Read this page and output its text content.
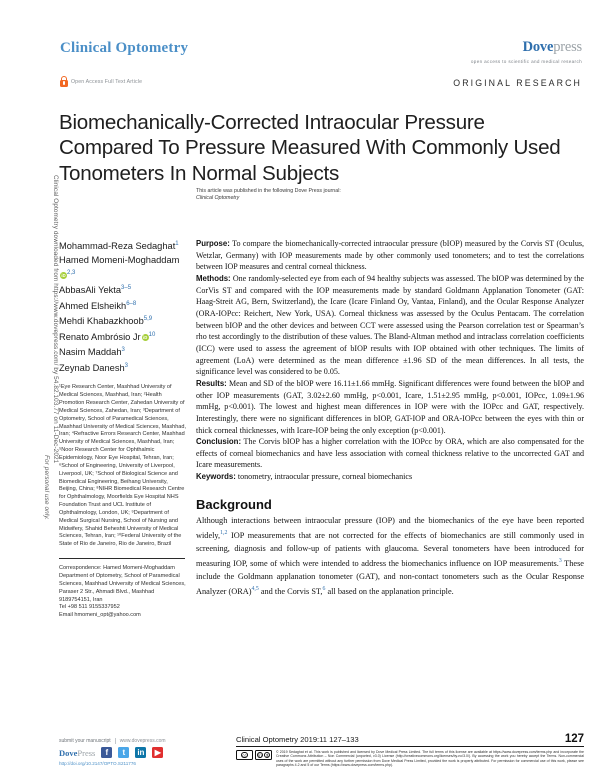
Clinical Optometry downloaded from https://www.dovepress.com/ by 54.82.103.77 on 11-Dec-2021
For personal use only.
Clinical Optometry	Dovepress
open access to scientific and medical research
Open Access Full Text Article	ORIGINAL RESEARCH
Biomechanically-Corrected Intraocular Pressure Compared To Pressure Measured With Commonly Used Tonometers In Normal Subjects
This article was published in the following Dove Press journal:
Clinical Optometry
Mohammad-Reza Sedaghat$^1$
Hamed Momeni-MoghaddamiD$^{2,3}$
AbbasAli Yekta$^{3-5}$
Ahmed Elsheikh$^{6-8}$
Mehdi Khabazkhoob$^{5,9}$
Renato Ambrósio Jr iD $^{10}$
Nasim Maddah$^3$
Zeynab Danesh$^3$
¹Eye Research Center, Mashhad University of Medical Sciences, Mashhad, Iran; ²Health Promotion Research Center, Zahedan University of Medical Sciences, Zahedan, Iran; ³Department of Optometry, School of Paramedical Sciences, Mashhad University of Medical Sciences, Mashhad, Iran; ⁴Refractive Errors Research Center, Mashhad University of Medical Sciences, Mashhad, Iran; ⁵Noor Research Center for Ophthalmic Epidemiology, Noor Eye Hospital, Tehran, Iran; ⁶School of Engineering, University of Liverpool, Liverpool, UK; ⁷School of Biological Science and Biomedical Engineering, Beihang University, Beijing, China; ⁸NIHR Biomedical Research Centre for Ophthalmology, Moorfields Eye Hospital NHS Foundation Trust and UCL Institute of Ophthalmology, London, UK; ⁹Department of Medical Surgical Nursing, School of Nursing and Midwifery, Shahid Beheshti University of Medical Sciences, Tehran, Iran; ¹⁰Federal University of the State of Rio de Janeiro, Rio de Janeiro, Brazil
Correspondence: Hamed Momeni-Moghaddam
Department of Optometry, School of Paramedical Sciences, Mashhad University of Medical Sciences, Paraser 2 Str., Ahmadi Blvd., Mashhad 9189754151, Iran
Tel +98 511 9155337952
Email hmomeni_opt@yahoo.com

Purpose: To compare the biomechanically-corrected intraocular pressure (bIOP) measured by the Corvis ST (Oculus, Wetzlar, Germany) with IOP measurements made by other commonly used tonometers; and to test the correlations between IOP measures and central corneal thickness.

Methods: One randomly-selected eye from each of 94 healthy subjects was assessed. The bIOP was determined by the CorVis ST and compared with the IOP measurements made by standard Goldmann Applanation Tonometer (GAT: Haag-Streit AG, Bern, Switzerland), the Icare (Icare Finland Oy, Vantaa, Finland), and the Ocular Response Analyzer (ORA-IOPcc: Reichert, New York, USA). Corneal thickness was assessed by the Oculus Pentacam. The correlation between bIOP and the other devices and between CCT were assessed using the Pearson correlation test or Spearman’s rho test accordingly to the distribution of these values. The Bland-Altman method and intraclass correlation coefficients (ICC) were used to assess the agreement of bIOP results with IOP obtained with other techniques. The limits of agreement (LoA) were determined as the mean difference ±1.96 SD of the mean differences. In all tests, the significance level was considered to be 0.05.

Results: Mean and SD of the bIOP were 16.11±1.66 mmHg. Significant differences were found between the bIOP and other IOP measurements (GAT, 3.02±2.60 mmHg, p<0.001, Icare, 1.51±2.95 mmHg, p<0.001, IOPcc, 1.09±1.96 mmHg, p<0.001). The lowest and highest mean differences in IOP were with the IOPcc and GAT, respectively. Interestingly, there were no significant differences in bIOP, GAT-IOP and ORA-IOPcc between the eyes with thin or thick corneal thicknesses, with Icare-IOP being the only exception (p<0.001).

Conclusion: The Corvis bIOP has a higher correlation with the IOPcc by ORA, which are also compensated for the effects of corneal biomechanics and have less association with corneal thickness relative to the uncorrected GAT and Icare measurements.

Keywords: tonometry, intraocular pressure, corneal biomechanics

Background

Although interactions between intraocular pressure (IOP) and the biomechanics of the eye have been reported widely,$^{1,2}$ IOP measurements that are not corrected for the effects of biomechanics are still commonly used in screening, diagnosis and follow-up of patients with glaucoma. Several tonometers have been introduced for measuring IOP, some of which were intended to address the biomechanics influence on IOP measurements.$^3$ These include the Goldmann applanation tonometer (GAT), and non-contact tonometers such as the Ocular Response Analyzer (ORA)$^{4,5}$ and the Corvis ST,$^6$ all based on the applanation principle.

submit your manuscript	www.dovepress.com
DovePress	f	t	in	▶
http://doi.org/10.2147/OPTO.S211776
Clinical Optometry 2019:11 127–133	127
cc	(i) $
© 2019 Sedaghat et al. This work is published and licensed by Dove Medical Press Limited. The full terms of this license are available at https://www.dovepress.com/terms.php and incorporate the Creative Commons Attribution – Non Commercial (unported, v3.0) License (http://creativecommons.org/licenses/by-nc/3.0/). By accessing the work you hereby accept the Terms. Non-commercial uses of the work are permitted without any further permission from Dove Medical Press Limited, provided the work is properly attributed. For permission for commercial use of this work, please see paragraphs 4.2 and 5 of our Terms (https://www.dovepress.com/terms.php).
